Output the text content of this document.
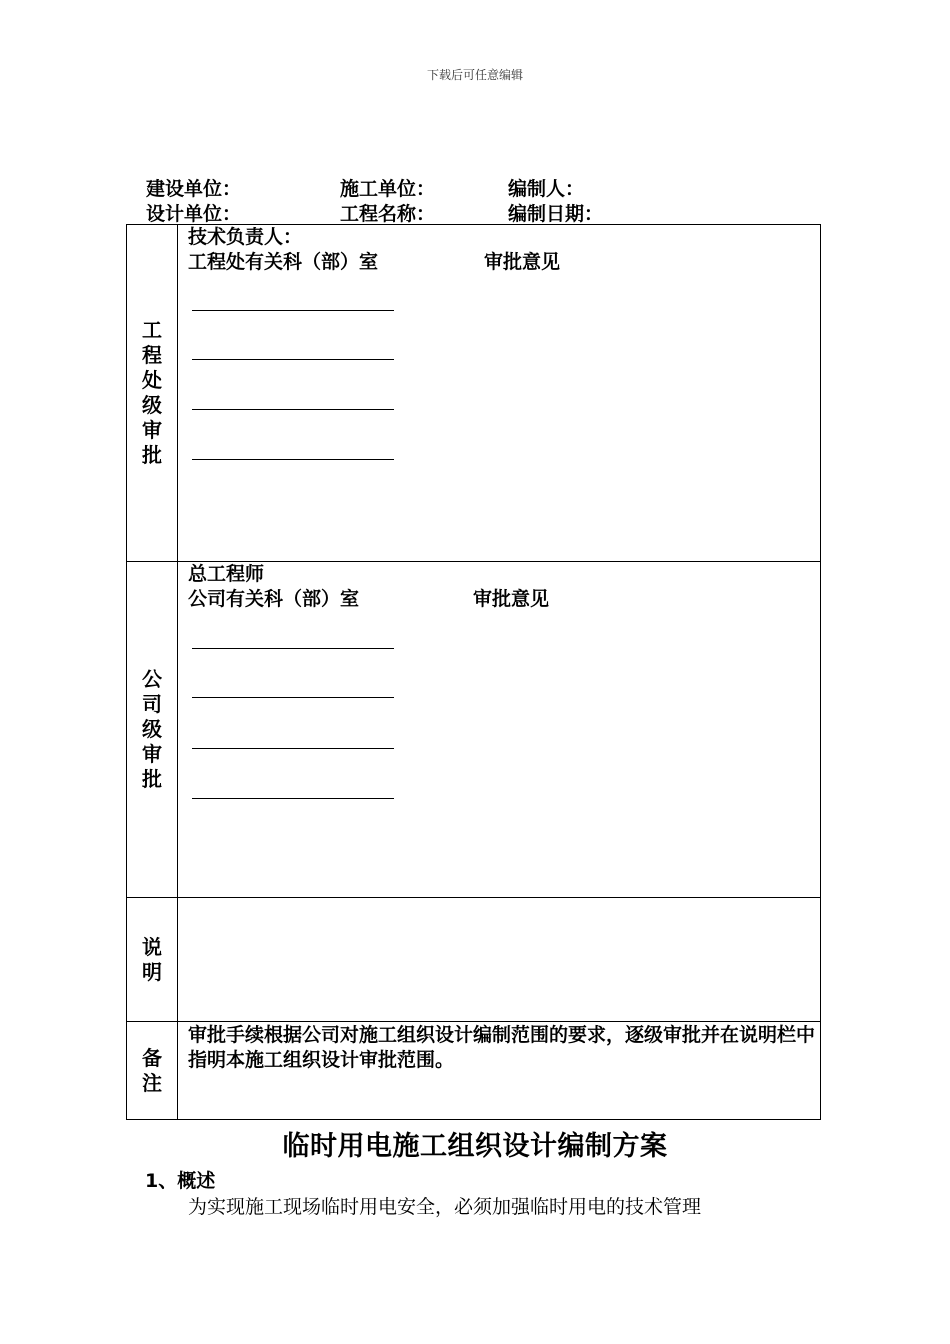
下载后可任意编辑
建设单位：	施工单位：	编制人：
设计单位：	工程名称：	编制日期：
工程处级审批	技术负责人：
工程处有关科（部）室 审批意见

公司级审批	总工程师
公司有关科（部）室 审批意见

说明	
备注	审批手续根据公司对施工组织设计编制范围的要求，逐级审批并在说明栏中指明本施工组织设计审批范围。
临时用电施工组织设计编制方案
1、概述
为实现施工现场临时用电安全，必须加强临时用电的技术管理
